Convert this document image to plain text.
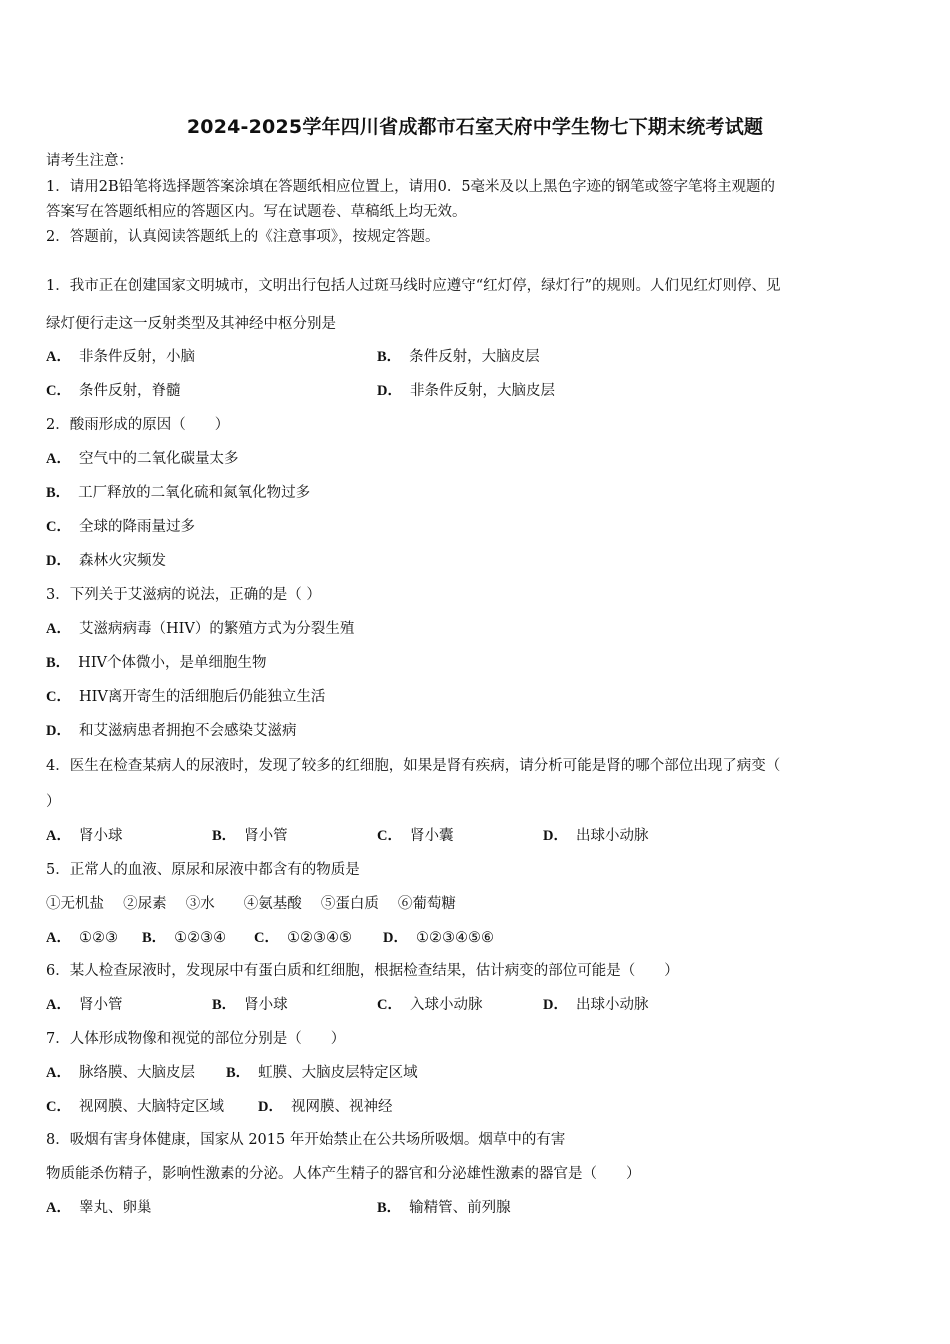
2024-2025学年四川省成都市石室天府中学生物七下期末统考试题
请考生注意：
1．请用2B铅笔将选择题答案涂填在答题纸相应位置上，请用0．5毫米及以上黑色字迹的钢笔或签字笔将主观题的
答案写在答题纸相应的答题区内。写在试题卷、草稿纸上均无效。
2．答题前，认真阅读答题纸上的《注意事项》，按规定答题。
1．我市正在创建国家文明城市，文明出行包括人过斑马线时应遵守“红灯停，绿灯行”的规则。人们见红灯则停、见
绿灯便行走这一反射类型及其神经中枢分别是
A． 非条件反射，小脑	B． 条件反射，大脑皮层
C． 条件反射，脊髓	D． 非条件反射，大脑皮层
2．酸雨形成的原因（　　）
A． 空气中的二氧化碳量太多
B． 工厂释放的二氧化硫和氮氧化物过多
C． 全球的降雨量过多
D． 森林火灾频发
3．下列关于艾滋病的说法，正确的是（ ）
A． 艾滋病病毒（HIV）的繁殖方式为分裂生殖
B． HIV个体微小，是单细胞生物
C． HIV离开寄生的活细胞后仍能独立生活
D． 和艾滋病患者拥抱不会感染艾滋病
4．医生在检查某病人的尿液时，发现了较多的红细胞，如果是肾有疾病，请分析可能是肾的哪个部位出现了病变（
）
A． 肾小球	B． 肾小管	C． 肾小囊	D． 出球小动脉
5．正常人的血液、原尿和尿液中都含有的物质是
①无机盐　 ②尿素　 ③水　　④氨基酸　 ⑤蛋白质　 ⑥葡萄糖
A． ①②③ B． ①②③④ C． ①②③④⑤ D． ①②③④⑤⑥
6．某人检查尿液时，发现尿中有蛋白质和红细胞，根据检查结果，估计病变的部位可能是（　　）
A． 肾小管	B． 肾小球	C． 入球小动脉	D． 出球小动脉
7．人体形成物像和视觉的部位分别是（　　）
A． 脉络膜、大脑皮层 B． 虹膜、大脑皮层特定区域
C． 视网膜、大脑特定区域 D． 视网膜、视神经
8．吸烟有害身体健康，国家从 2015 年开始禁止在公共场所吸烟。烟草中的有害
物质能杀伤精子，影响性激素的分泌。人体产生精子的器官和分泌雄性激素的器官是（　　）
A． 睾丸、卵巢	B． 输精管、前列腺
